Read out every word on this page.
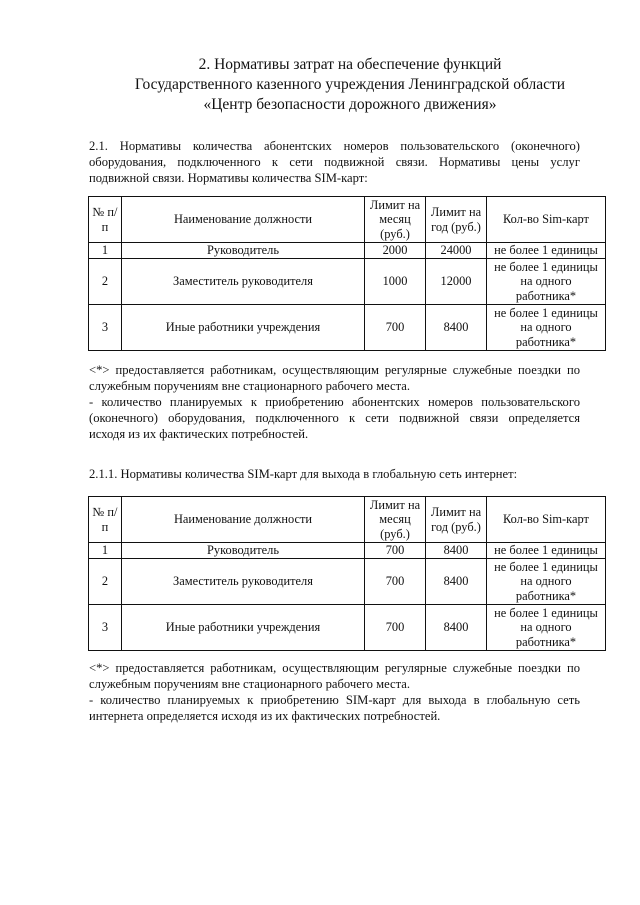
2. Нормативы затрат на обеспечение функций
Государственного казенного учреждения Ленинградской области
«Центр безопасности дорожного движения»
2.1. Нормативы количества абонентских номеров пользовательского (оконечного)
оборудования, подключенного к сети подвижной связи. Нормативы цены услуг
подвижной связи. Нормативы количества SIM-карт:
№ п/п	Наименование должности	Лимит на месяц (руб.)	Лимит на год (руб.)	Кол-во Sim-карт
1	Руководитель	2000	24000	не более 1 единицы
2	Заместитель руководителя	1000	12000	не более 1 единицы на одного работника*
3	Иные работники учреждения	700	8400	не более 1 единицы на одного работника*
<*> предоставляется работникам, осуществляющим регулярные служебные поездки по
служебным поручениям вне стационарного рабочего места.
- количество планируемых к приобретению абонентских номеров пользовательского
(оконечного) оборудования, подключенного к сети подвижной связи определяется
исходя из их фактических потребностей.
2.1.1. Нормативы количества SIM-карт для выхода в глобальную сеть интернет:
№ п/п	Наименование должности	Лимит на месяц (руб.)	Лимит на год (руб.)	Кол-во Sim-карт
1	Руководитель	700	8400	не более 1 единицы
2	Заместитель руководителя	700	8400	не более 1 единицы на одного работника*
3	Иные работники учреждения	700	8400	не более 1 единицы на одного работника*
<*> предоставляется работникам, осуществляющим регулярные служебные поездки по
служебным поручениям вне стационарного рабочего места.
- количество планируемых к приобретению SIM-карт для выхода в глобальную сеть
интернета определяется исходя из их фактических потребностей.
